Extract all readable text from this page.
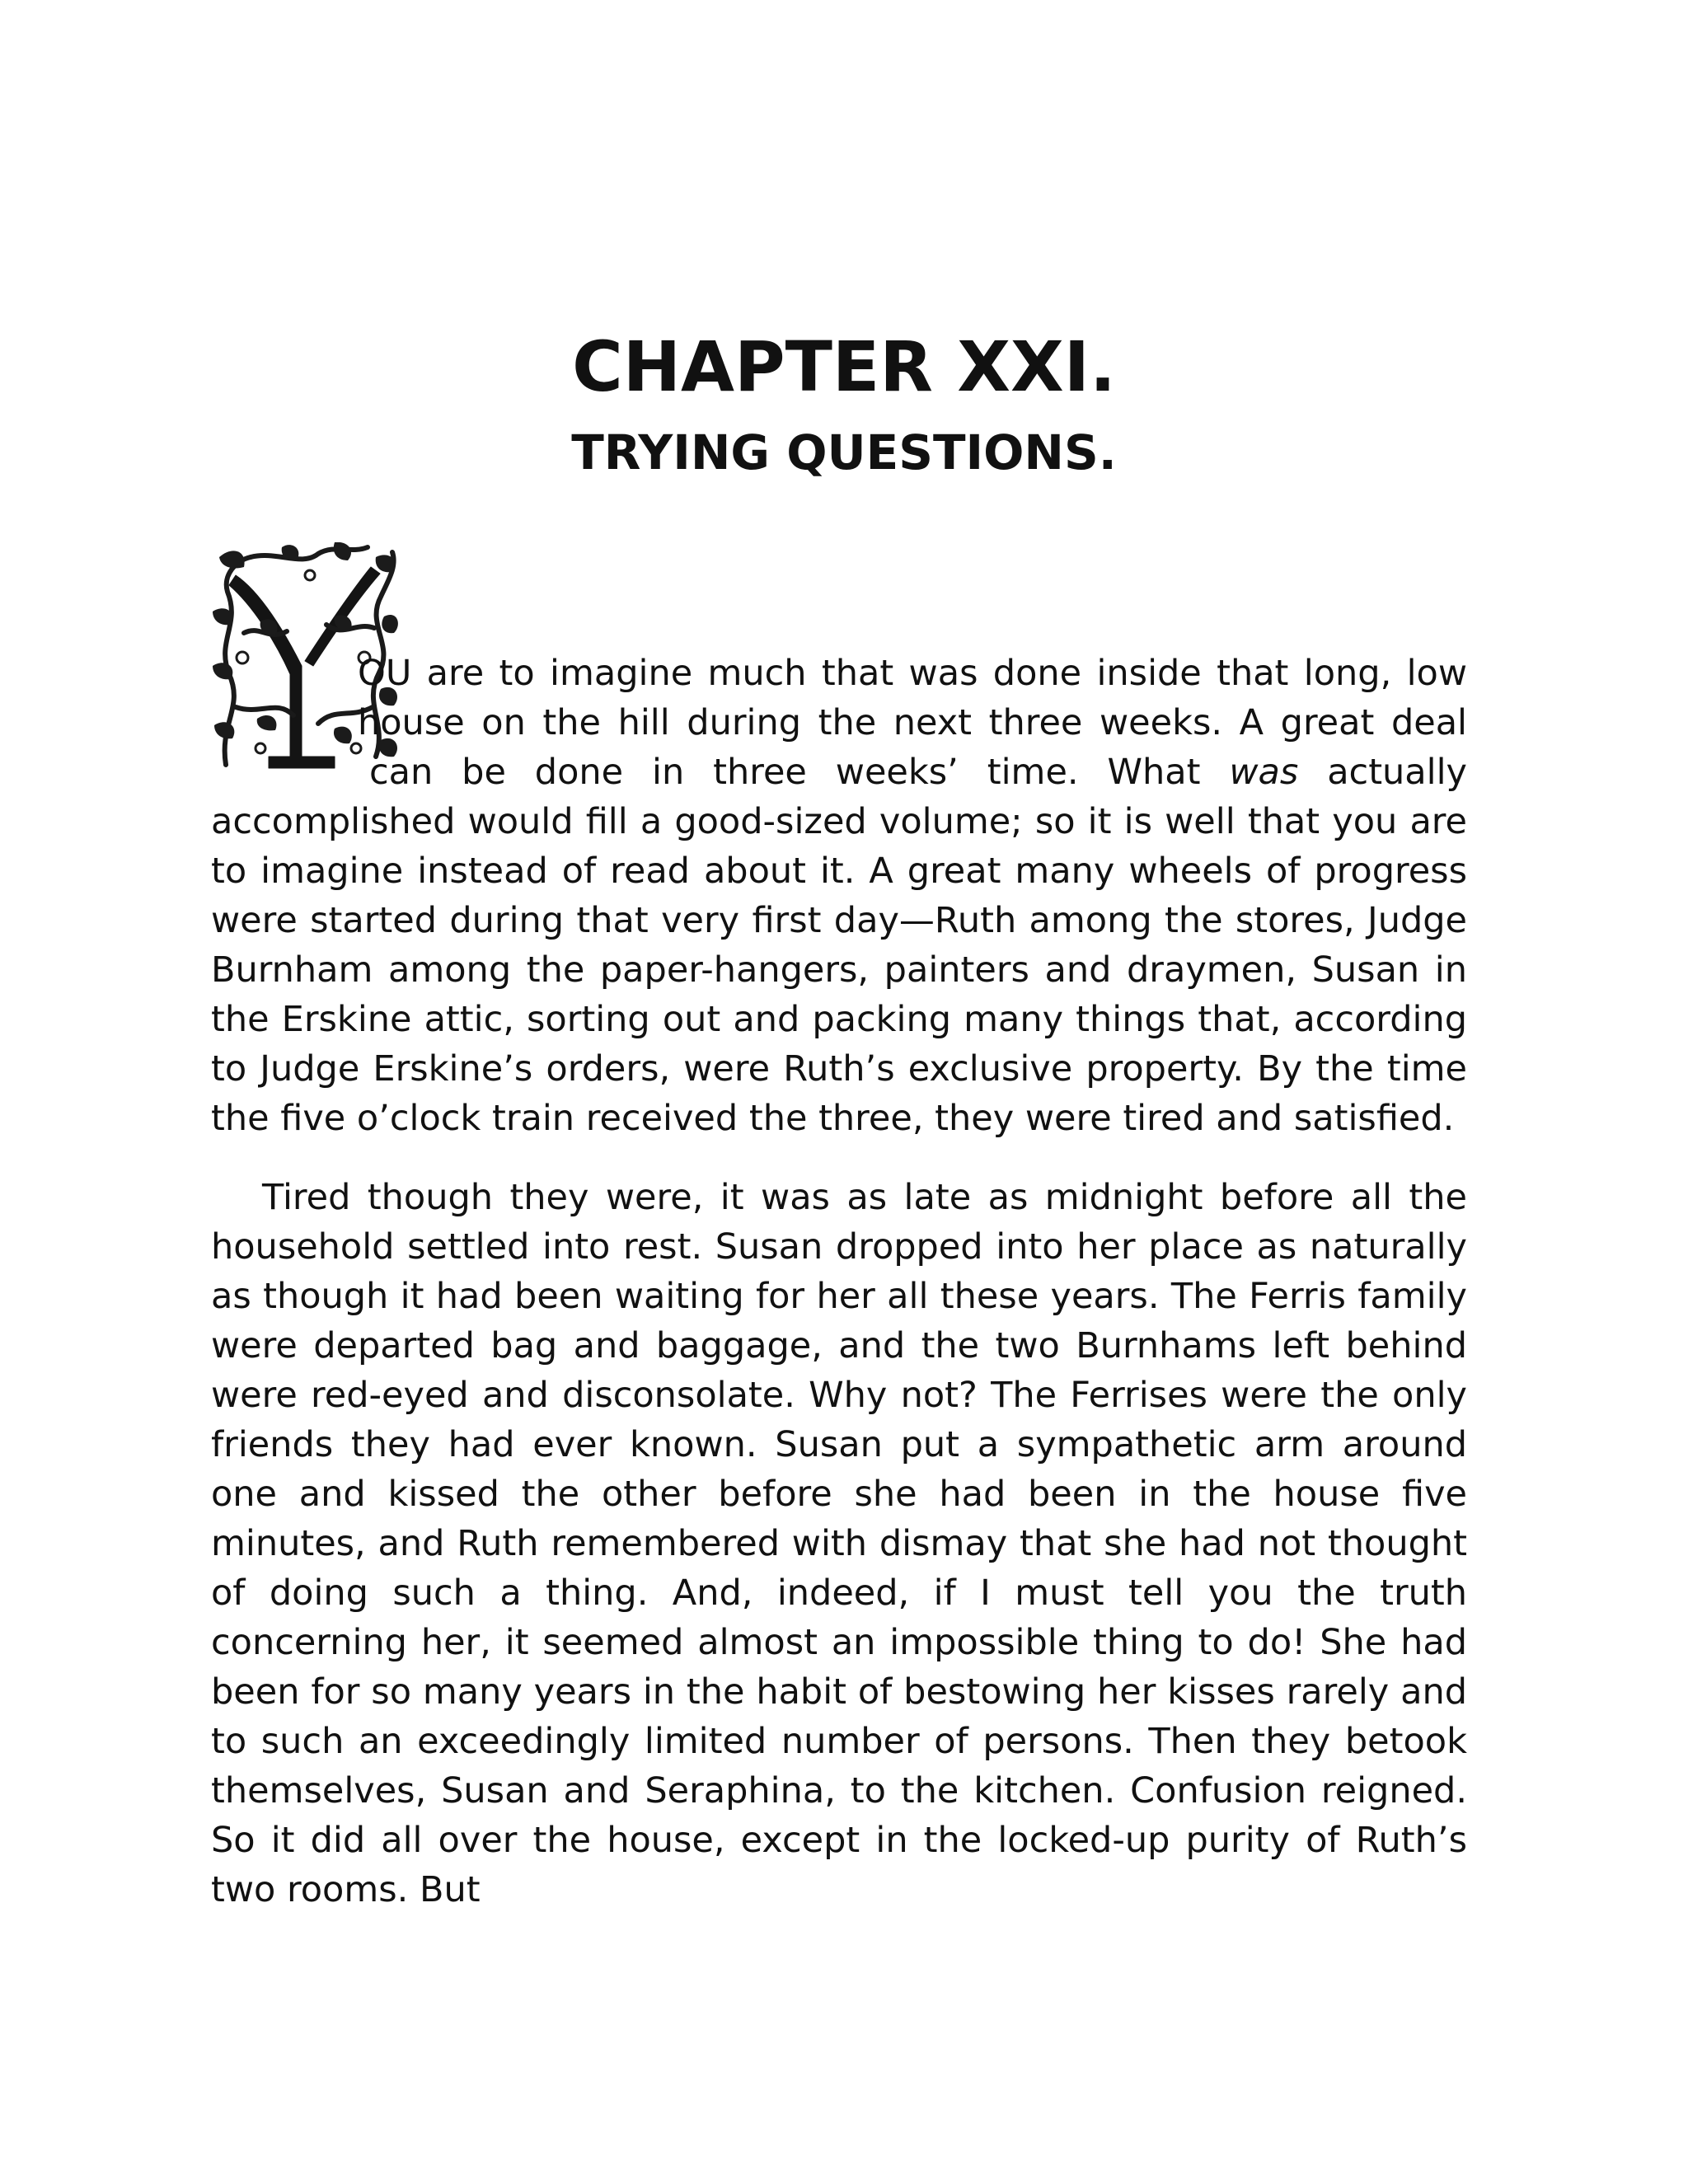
CHAPTER XXI.
TRYING QUESTIONS.

OU are to imagine much that was done inside that long, low house on the hill during the next three weeks. A great deal can be done in three weeks’ time. What was actually accomplished would fill a good-sized volume; so it is well that you are to imagine instead of read about it. A great many wheels of progress were started during that very first day—Ruth among the stores, Judge Burnham among the paper-hangers, painters and draymen, Susan in the Erskine attic, sorting out and packing many things that, according to Judge Erskine’s orders, were Ruth’s exclusive property. By the time the five o’clock train received the three, they were tired and satisfied.

Tired though they were, it was as late as midnight before all the household settled into rest. Susan dropped into her place as naturally as though it had been waiting for her all these years. The Ferris family were departed bag and baggage, and the two Burnhams left behind were red-eyed and disconsolate. Why not? The Ferrises were the only friends they had ever known. Susan put a sympathetic arm around one and kissed the other before she had been in the house five minutes, and Ruth remembered with dismay that she had not thought of doing such a thing. And, indeed, if I must tell you the truth concerning her, it seemed almost an impossible thing to do! She had been for so many years in the habit of bestowing her kisses rarely and to such an exceedingly limited number of persons. Then they betook themselves, Susan and Seraphina, to the kitchen. Confusion reigned. So it did all over the house, except in the locked-up purity of Ruth’s two rooms. But
